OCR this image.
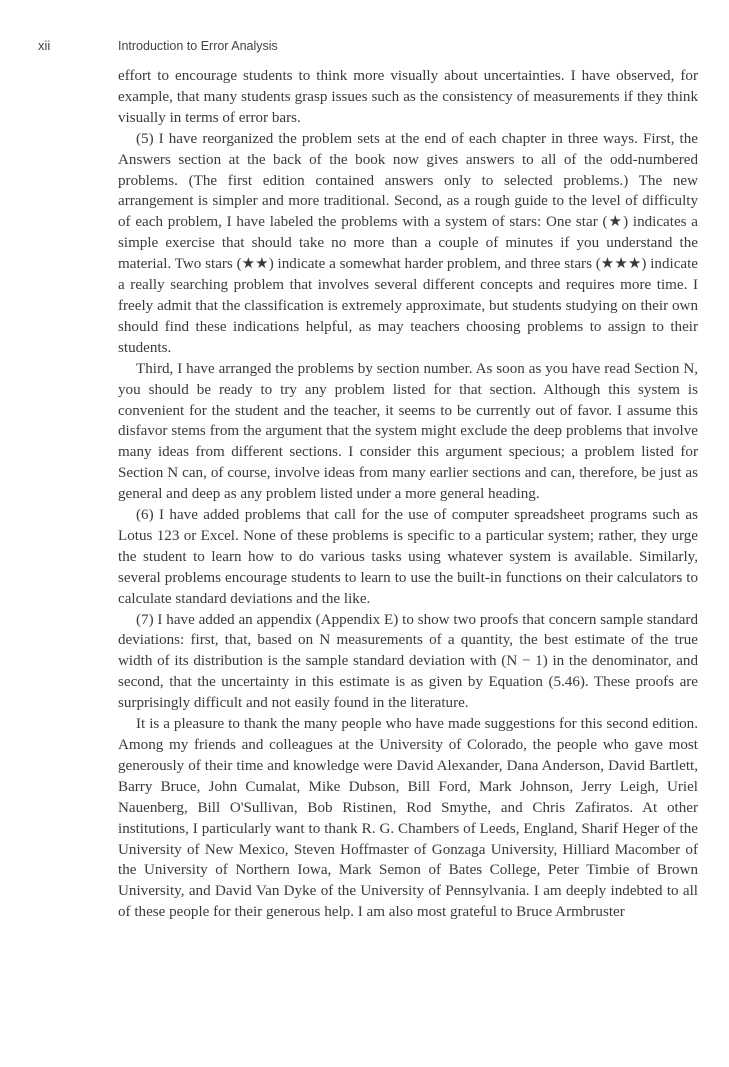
xii	Introduction to Error Analysis

effort to encourage students to think more visually about uncertainties. I have observed, for example, that many students grasp issues such as the consistency of measurements if they think visually in terms of error bars.

(5) I have reorganized the problem sets at the end of each chapter in three ways. First, the Answers section at the back of the book now gives answers to all of the odd-numbered problems. (The first edition contained answers only to selected problems.) The new arrangement is simpler and more traditional. Second, as a rough guide to the level of difficulty of each problem, I have labeled the problems with a system of stars: One star (★) indicates a simple exercise that should take no more than a couple of minutes if you understand the material. Two stars (★★) indicate a somewhat harder problem, and three stars (★★★) indicate a really searching problem that involves several different concepts and requires more time. I freely admit that the classification is extremely approximate, but students studying on their own should find these indications helpful, as may teachers choosing problems to assign to their students.

Third, I have arranged the problems by section number. As soon as you have read Section N, you should be ready to try any problem listed for that section. Although this system is convenient for the student and the teacher, it seems to be currently out of favor. I assume this disfavor stems from the argument that the system might exclude the deep problems that involve many ideas from different sections. I consider this argument specious; a problem listed for Section N can, of course, involve ideas from many earlier sections and can, therefore, be just as general and deep as any problem listed under a more general heading.

(6) I have added problems that call for the use of computer spreadsheet programs such as Lotus 123 or Excel. None of these problems is specific to a particular system; rather, they urge the student to learn how to do various tasks using whatever system is available. Similarly, several problems encourage students to learn to use the built-in functions on their calculators to calculate standard deviations and the like.

(7) I have added an appendix (Appendix E) to show two proofs that concern sample standard deviations: first, that, based on N measurements of a quantity, the best estimate of the true width of its distribution is the sample standard deviation with (N − 1) in the denominator, and second, that the uncertainty in this estimate is as given by Equation (5.46). These proofs are surprisingly difficult and not easily found in the literature.

It is a pleasure to thank the many people who have made suggestions for this second edition. Among my friends and colleagues at the University of Colorado, the people who gave most generously of their time and knowledge were David Alexander, Dana Anderson, David Bartlett, Barry Bruce, John Cumalat, Mike Dubson, Bill Ford, Mark Johnson, Jerry Leigh, Uriel Nauenberg, Bill O'Sullivan, Bob Ristinen, Rod Smythe, and Chris Zafiratos. At other institutions, I particularly want to thank R. G. Chambers of Leeds, England, Sharif Heger of the University of New Mexico, Steven Hoffmaster of Gonzaga University, Hilliard Macomber of the University of Northern Iowa, Mark Semon of Bates College, Peter Timbie of Brown University, and David Van Dyke of the University of Pennsylvania. I am deeply indebted to all of these people for their generous help. I am also most grateful to Bruce Armbruster
